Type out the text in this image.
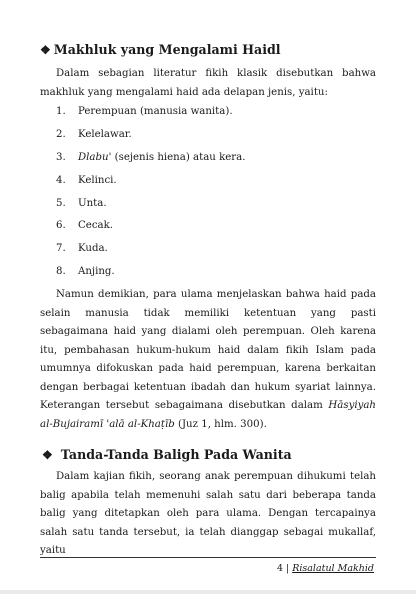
❖ Makhluk yang Mengalami Haidl

Dalam sebagian literatur fikih klasik disebutkan bahwa makhluk yang mengalami haid ada delapan jenis, yaitu:

1. Perempuan (manusia wanita).
2. Kelelawar.
3. Dlabu' (sejenis hiena) atau kera.
4. Kelinci.
5. Unta.
6. Cecak.
7. Kuda.
8. Anjing.

Namun demikian, para ulama menjelaskan bahwa haid pada selain manusia tidak memiliki ketentuan yang pasti sebagaimana haid yang dialami oleh perempuan. Oleh karena itu, pembahasan hukum-hukum haid dalam fikih Islam pada umumnya difokuskan pada haid perempuan, karena berkaitan dengan berbagai ketentuan ibadah dan hukum syariat lainnya. Keterangan tersebut sebagaimana disebutkan dalam Hāsyiyah al-Bujairamī 'alā al-Khaṭīb (Juz 1, hlm. 300).

❖ Tanda-Tanda Baligh Pada Wanita

Dalam kajian fikih, seorang anak perempuan dihukumi telah balig apabila telah memenuhi salah satu dari beberapa tanda balig yang ditetapkan oleh para ulama. Dengan tercapainya salah satu tanda tersebut, ia telah dianggap sebagai mukallaf, yaitu

4 | Risalatul Makhid
